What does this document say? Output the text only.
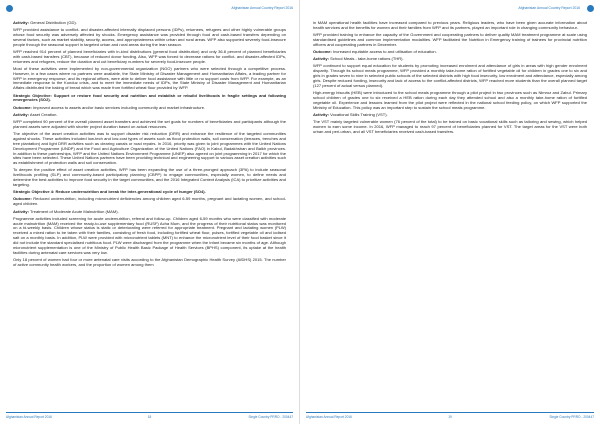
Afghanistan Annual Country Report 2016

Activity: General Distribution (GD).

WFP provided assistance to conflict- and disaster-affected internally displaced persons (IDPs), returnees, refugees and other highly vulnerable groups whose food security was adversely affected by shocks. Emergency assistance was provided through food and cash-based transfers depending on several factors, such as market stability, security, access, and appropriateness within urban and rural areas. WFP also supported severely food-insecure people through the seasonal support in targeted urban and rural areas during the lean season.

WFP reached 914 percent of planned beneficiaries with in-kind distributions (general food distribution) and only 36.8 percent of planned beneficiaries with cash-based transfers (CBT), because of reduced donor funding. Also, WFP was forced to decrease rations for conflict- and disaster-affected IDPs, returnees and refugees, reduce the duration and cut beneficiary numbers for severely food-insecure people.

Most of these activities were implemented by non-governmental organization (NGO) partners who were selected through a competitive process. However, in a few cases where no partners were available, the State Ministry of Disaster Management and Humanitarian Affairs, a leading partner for WFP in emergency response, and its regional offices, were able to deliver food assistance with little or no support costs from WFP. For example, as an immediate response to the Kunduz crisis, and to meet the immediate needs of IDPs, the State Ministry of Disaster Management and Humanitarian Affairs distributed the baking of bread which was made from fortified wheat flour provided by WFP.

Strategic Objective: Support or restore food security and nutrition and establish or rebuild livelihoods in fragile settings and following emergencies (SO2).

Outcome: Improved access to assets and/or basic services including community and market infrastructure.

Activity: Asset Creation.

WFP completed 90 percent of the overall planned asset transfers and achieved the set goals for numbers of beneficiaries and participants although the planned assets were adjusted with shorter project duration based on actual resources.

The objective of the asset creation activities was to support disaster risk reduction (DRR) and enhance the resilience of the targeted communities against shocks. These activities included low-tech and low-cost types of assets such as flood protection walls, soil conservation (terraces, trenches and tree plantation) and light DRR activities such as clearing canals or road repairs. In 2016, priority was given to joint programmes with the United Nations Development Programme (UNDP) and the Food and Agriculture Organization of the United Nations (FAO) in Kabul, Badakhshan and Balkh provinces. In addition to these partnerships, WFP and the United Nations Environment Programme (UNEP) also agreed on joint programming in 2017 for which the sites have been selected. These United Nations partners have been providing technical and engineering support to various asset creation activities such as establishment of protection walls and soil conservation.

To deepen the positive effect of asset creation activities, WFP has been expanding the use of a three-pronged approach (3PA) to include seasonal livelihoods profiling (SLP) and community-based participatory planning (CBPP) to engage communities, especially women, to define needs and determine the best activities to improve food security in the target communities, and the 2016 Integrated Context Analysis (ICA) to prioritize activities and targeting.

Strategic Objective 4: Reduce undernutrition and break the inter-generational cycle of hunger (SO4).

Outcome: Reduced undernutrition, including micronutrient deficiencies among children aged 6-59 months, pregnant and lactating women, and school-aged children.

Activity: Treatment of Moderate Acute Malnutrition (MAM).

Programme activities included screening for acute undernutrition, referral and follow-up. Children aged 6-59 months who were classified with moderate acute malnutrition (MAM) received the ready-to-use supplementary food (RUSF) Acha Mum, and the progress of their nutritional status was monitored on a bi-weekly basis. Children whose status is static or deteriorating were referred for appropriate treatment. Pregnant and lactating women (PLW) received a mixed ration to be taken with their families, consisting of fresh food, including fortified wheat flour, pulses, fortified vegetable oil and iodised salt on a monthly basis. In addition, PLW were provided with micronutrient tablets (MNT) to enhance the micronutrient level of their food basket since it did not include the standard specialised nutritious food. PLW were discharged from the programme when the infant became six months of age. Although micronutrient supplementation is one of the Ministry of Public Health Basic Package of Health Services (BPHS) component, its uptake at the health facilities during antenatal care services was very low.

Only 18 percent of women had four or more antenatal care visits according to the Afghanistan Demographic Health Survey (AfDHS) 2015. The number of active community health workers, and the proportion of women among them

Afghanistan Annual Report 2016	18	Single Country PRRO - 200447
Afghanistan Annual Country Report 2016

in MAM operational health facilities have increased compared to previous years. Religious leaders, who have been given accurate information about health services and the benefits for women and their families from WFP and its partners, played an important role in changing community behaviour.

WFP provided training to enhance the capacity of the Government and cooperating partners to deliver quality MAM treatment programme at scale using standardised guidelines and common implementation modalities. WFP facilitated the Nutrition in Emergency training of trainees for provincial nutrition officers and cooperating partners in December.

Outcome: Increased equitable access to and utilisation of education.

Activity: School Meals - take-home rations (THR).

WFP continued to support equal education for students by promoting increased enrolment and attendance of girls in areas with high gender enrolment disparity. Through its school meals programme, WFP provided a monthly take-home ration of fortified vegetable oil for children in grades one to six and girls in grades seven to nine in selected public schools of the selected districts with high food insecurity, low enrolment and attendance, especially among girls. Despite reduced funding, insecurity and lack of access to the conflict-affected districts, WFP reached more students than the overall planned target (127 percent of actual versus planned).

High-energy biscuits (HEB) were introduced to the school meals programme through a pilot project in two provinces such as Nimroz and Zabul. Primary school children of grades one to six received a HEB ration during each day they attended school and also a monthly take-home ration of fortified vegetable oil. Experience and lessons learned from the pilot project were reflected in the national school feeding policy, on which WFP supported the Ministry of Education. This policy was an important step to sustain the school meals programme.

Activity: Vocational Skills Training (VST).

The VST mainly targeted vulnerable women (76 percent of the total) to be trained on basic vocational skills such as tailoring and sewing, which helped women to earn some income. In 2016, WFP managed to reach 97 percent of beneficiaries planned for VST. The target areas for the VST were both urban and peri-urban, and all VST beneficiaries received cash-based transfers.

Afghanistan Annual Report 2016	19	Single Country PRRO - 200447
